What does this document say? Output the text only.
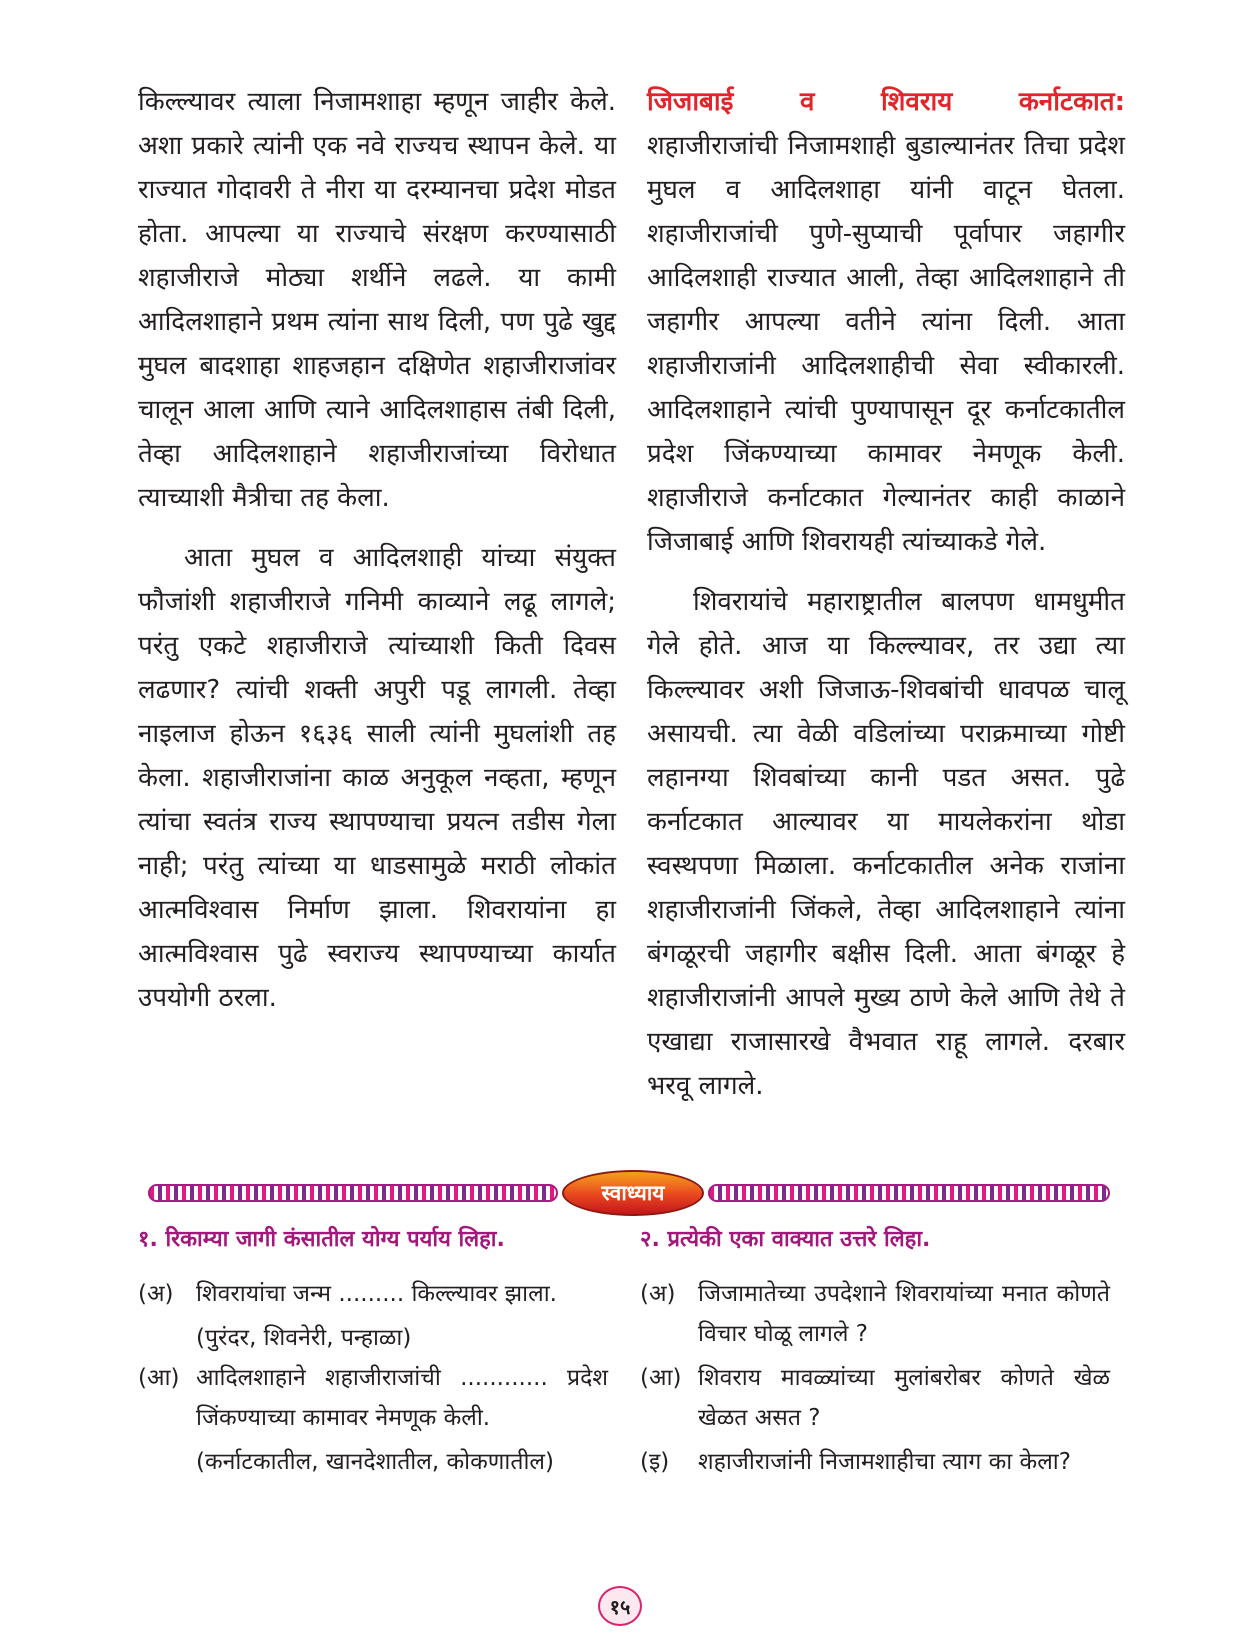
किल्ल्यावर त्याला निजामशाहा म्हणून जाहीर केले. अशा प्रकारे त्यांनी एक नवे राज्यच स्थापन केले. या राज्यात गोदावरी ते नीरा या दरम्यानचा प्रदेश मोडत होता. आपल्या या राज्याचे संरक्षण करण्यासाठी शहाजीराजे मोठ्या शर्थीने लढले. या कामी आदिलशाहाने प्रथम त्यांना साथ दिली, पण पुढे खुद्द मुघल बादशाहा शाहजहान दक्षिणेत शहाजीराजांवर चालून आला आणि त्याने आदिलशाहास तंबी दिली, तेव्हा आदिलशाहाने शहाजीराजांच्या विरोधात त्याच्याशी मैत्रीचा तह केला.

आता मुघल व आदिलशाही यांच्या संयुक्त फौजांशी शहाजीराजे गनिमी काव्याने लढू लागले; परंतु एकटे शहाजीराजे त्यांच्याशी किती दिवस लढणार? त्यांची शक्ती अपुरी पडू लागली. तेव्हा नाइलाज होऊन १६३६ साली त्यांनी मुघलांशी तह केला. शहाजीराजांना काळ अनुकूल नव्हता, म्हणून त्यांचा स्वतंत्र राज्य स्थापण्याचा प्रयत्न तडीस गेला नाही; परंतु त्यांच्या या धाडसामुळे मराठी लोकांत आत्मविश्वास निर्माण झाला. शिवरायांना हा आत्मविश्वास पुढे स्वराज्य स्थापण्याच्या कार्यात उपयोगी ठरला.

जिजाबाई	व	शिवराय	कर्नाटकात:

शहाजीराजांची निजामशाही बुडाल्यानंतर तिचा प्रदेश मुघल व आदिलशाहा यांनी वाटून घेतला. शहाजीराजांची पुणे-सुप्याची पूर्वापार जहागीर आदिलशाही राज्यात आली, तेव्हा आदिलशाहाने ती जहागीर आपल्या वतीने त्यांना दिली. आता शहाजीराजांनी आदिलशाहीची सेवा स्वीकारली. आदिलशाहाने त्यांची पुण्यापासून दूर कर्नाटकातील प्रदेश जिंकण्याच्या कामावर नेमणूक केली. शहाजीराजे कर्नाटकात गेल्यानंतर काही काळाने जिजाबाई आणि शिवरायही त्यांच्याकडे गेले.

शिवरायांचे महाराष्ट्रातील बालपण धामधुमीत गेले होते. आज या किल्ल्यावर, तर उद्या त्या किल्ल्यावर अशी जिजाऊ-शिवबांची धावपळ चालू असायची. त्या वेळी वडिलांच्या पराक्रमाच्या गोष्टी लहानग्या शिवबांच्या कानी पडत असत. पुढे कर्नाटकात आल्यावर या मायलेकरांना थोडा स्वस्थपणा मिळाला. कर्नाटकातील अनेक राजांना शहाजीराजांनी जिंकले, तेव्हा आदिलशाहाने त्यांना बंगळूरची जहागीर बक्षीस दिली. आता बंगळूर हे शहाजीराजांनी आपले मुख्य ठाणे केले आणि तेथे ते एखाद्या राजासारखे वैभवात राहू लागले. दरबार भरवू लागले.

स्वाध्याय
१. रिकाम्या जागी कंसातील योग्य पर्याय लिहा.
(अ) शिवरायांचा जन्म ......... किल्ल्यावर झाला.
(पुरंदर, शिवनेरी, पन्हाळा)
(आ) आदिलशाहाने शहाजीराजांची ............ प्रदेश जिंकण्याच्या कामावर नेमणूक केली.
(कर्नाटकातील, खानदेशातील, कोकणातील)
२. प्रत्येकी एका वाक्यात उत्तरे लिहा.
(अ) जिजामातेच्या उपदेशाने शिवरायांच्या मनात कोणते विचार घोळू लागले ?
(आ) शिवराय मावळ्यांच्या मुलांबरोबर कोणते खेळ खेळत असत ?
(इ)	शहाजीराजांनी निजामशाहीचा त्याग का केला?
१५
